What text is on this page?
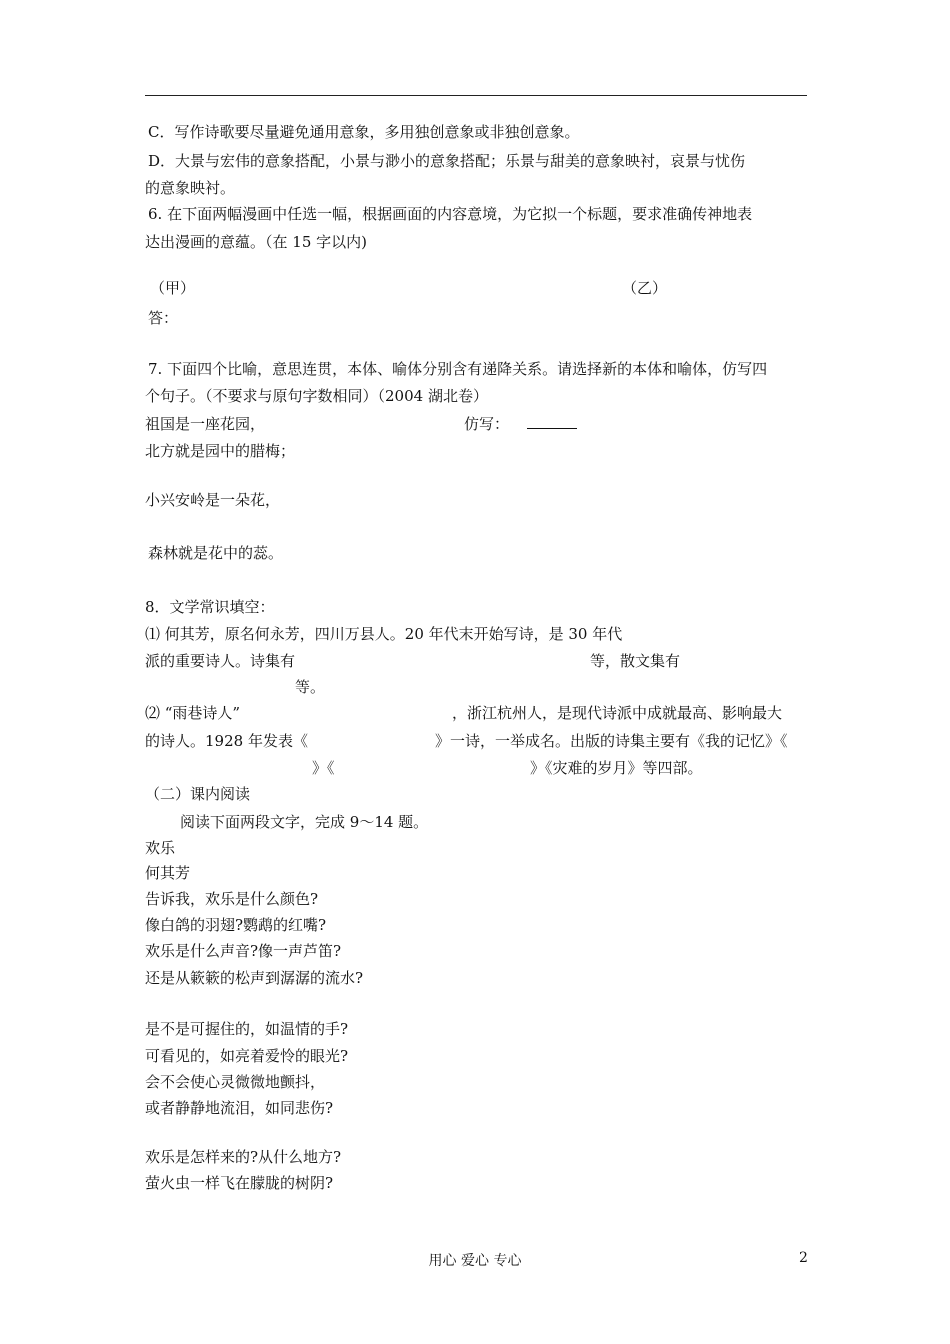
C．写作诗歌要尽量避免通用意象，多用独创意象或非独创意象。
D．大景与宏伟的意象搭配，小景与渺小的意象搭配；乐景与甜美的意象映衬，哀景与忧伤
的意象映衬。
6. 在下面两幅漫画中任选一幅，根据画面的内容意境，为它拟一个标题，要求准确传神地表
达出漫画的意蕴。（在 15 字以内)
（甲）	（乙）
答：
7. 下面四个比喻，意思连贯，本体、喻体分别含有递降关系。请选择新的本体和喻体，仿写四
个句子。（不要求与原句字数相同）（2004 湖北卷）
祖国是一座花园，	仿写：
北方就是园中的腊梅；
小兴安岭是一朵花，
森林就是花中的蕊。
8．文学常识填空：
⑴ 何其芳，原名何永芳，四川万县人。20 年代末开始写诗，是 30 年代
派的重要诗人。诗集有	等，散文集有
等。
⑵ “雨巷诗人”	，浙江杭州人，是现代诗派中成就最高、影响最大
的诗人。1928 年发表《	》一诗，一举成名。出版的诗集主要有《我的记忆》《
》《	》《灾难的岁月》等四部。
（二）课内阅读
阅读下面两段文字，完成 9～14 题。
欢乐
何其芳
告诉我，欢乐是什么颜色?
像白鸽的羽翅?鹦鹉的红嘴?
欢乐是什么声音?像一声芦笛?
还是从簌簌的松声到潺潺的流水?
是不是可握住的，如温情的手?
可看见的，如亮着爱怜的眼光?
会不会使心灵微微地颤抖，
或者静静地流泪，如同悲伤?
欢乐是怎样来的?从什么地方?
萤火虫一样飞在朦胧的树阴?
用心 爱心 专心	2
